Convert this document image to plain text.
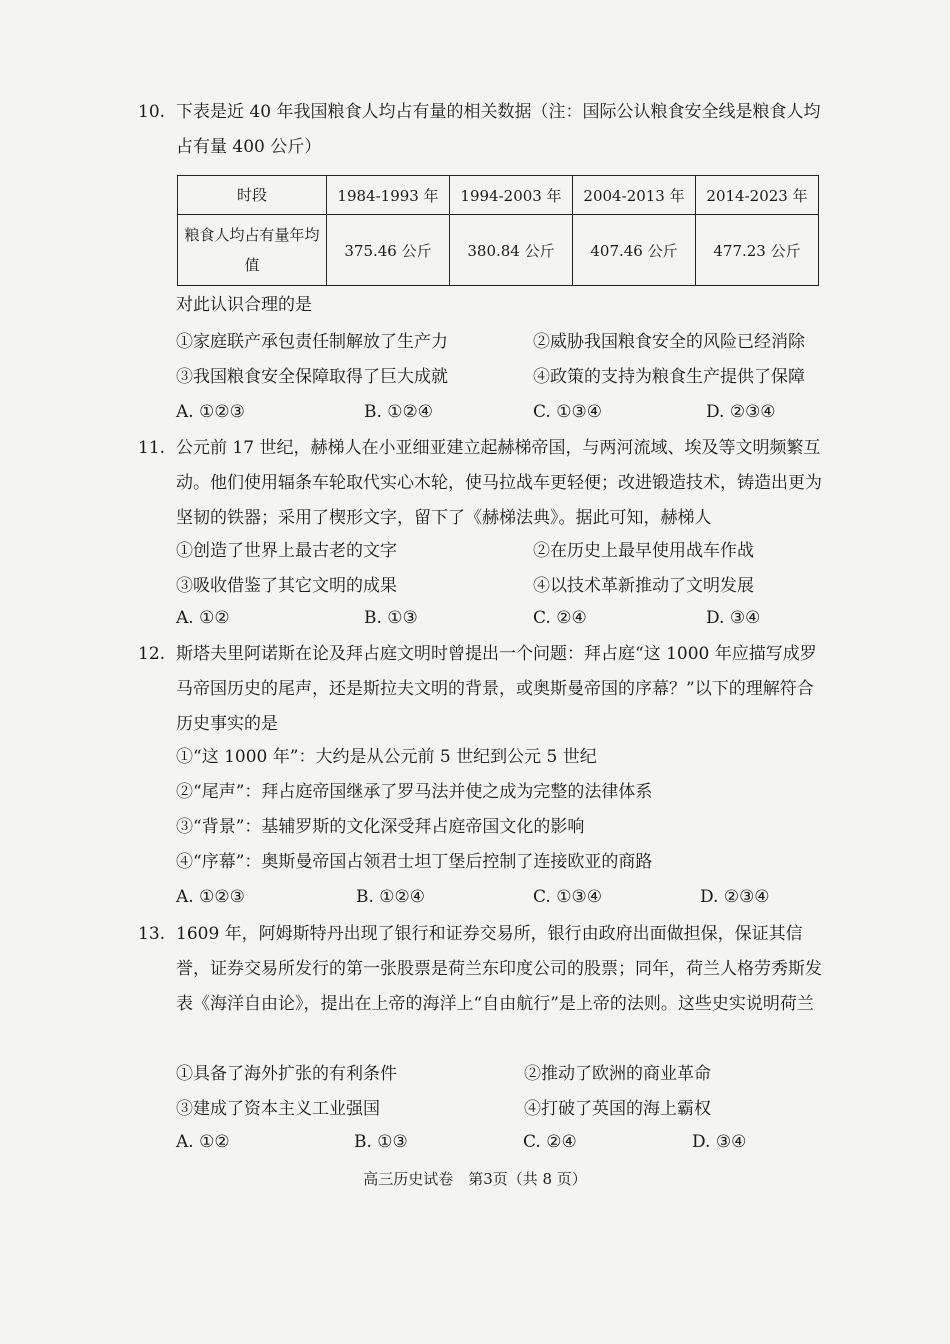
10. 下表是近 40 年我国粮食人均占有量的相关数据（注：国际公认粮食安全线是粮食人均占有量 400 公斤）
时段	1984-1993 年	1994-2003 年	2004-2013 年	2014-2023 年
粮食人均占有量年均值	375.46 公斤	380.84 公斤	407.46 公斤	477.23 公斤
对此认识合理的是
①家庭联产承包责任制解放了生产力	②威胁我国粮食安全的风险已经消除
③我国粮食安全保障取得了巨大成就	④政策的支持为粮食生产提供了保障
A. ①②③	B. ①②④	C. ①③④	D. ②③④
11. 公元前 17 世纪，赫梯人在小亚细亚建立起赫梯帝国，与两河流域、埃及等文明频繁互动。他们使用辐条车轮取代实心木轮，使马拉战车更轻便；改进锻造技术，铸造出更为坚韧的铁器；采用了楔形文字，留下了《赫梯法典》。据此可知，赫梯人
①创造了世界上最古老的文字	②在历史上最早使用战车作战
③吸收借鉴了其它文明的成果	④以技术革新推动了文明发展
A. ①②	B. ①③	C. ②④	D. ③④
12. 斯塔夫里阿诺斯在论及拜占庭文明时曾提出一个问题：拜占庭“这 1000 年应描写成罗马帝国历史的尾声，还是斯拉夫文明的背景，或奥斯曼帝国的序幕？”以下的理解符合历史事实的是
①“这 1000 年”：大约是从公元前 5 世纪到公元 5 世纪
②“尾声”：拜占庭帝国继承了罗马法并使之成为完整的法律体系
③“背景”：基辅罗斯的文化深受拜占庭帝国文化的影响
④“序幕”：奥斯曼帝国占领君士坦丁堡后控制了连接欧亚的商路
A. ①②③	B. ①②④	C. ①③④	D. ②③④
13. 1609 年，阿姆斯特丹出现了银行和证券交易所，银行由政府出面做担保，保证其信誉，证券交易所发行的第一张股票是荷兰东印度公司的股票；同年，荷兰人格劳秀斯发表《海洋自由论》，提出在上帝的海洋上“自由航行”是上帝的法则。这些史实说明荷兰
①具备了海外扩张的有利条件	②推动了欧洲的商业革命
③建成了资本主义工业强国	④打破了英国的海上霸权
A. ①②	B. ①③	C. ②④	D. ③④
高三历史试卷　第3页（共 8 页）
